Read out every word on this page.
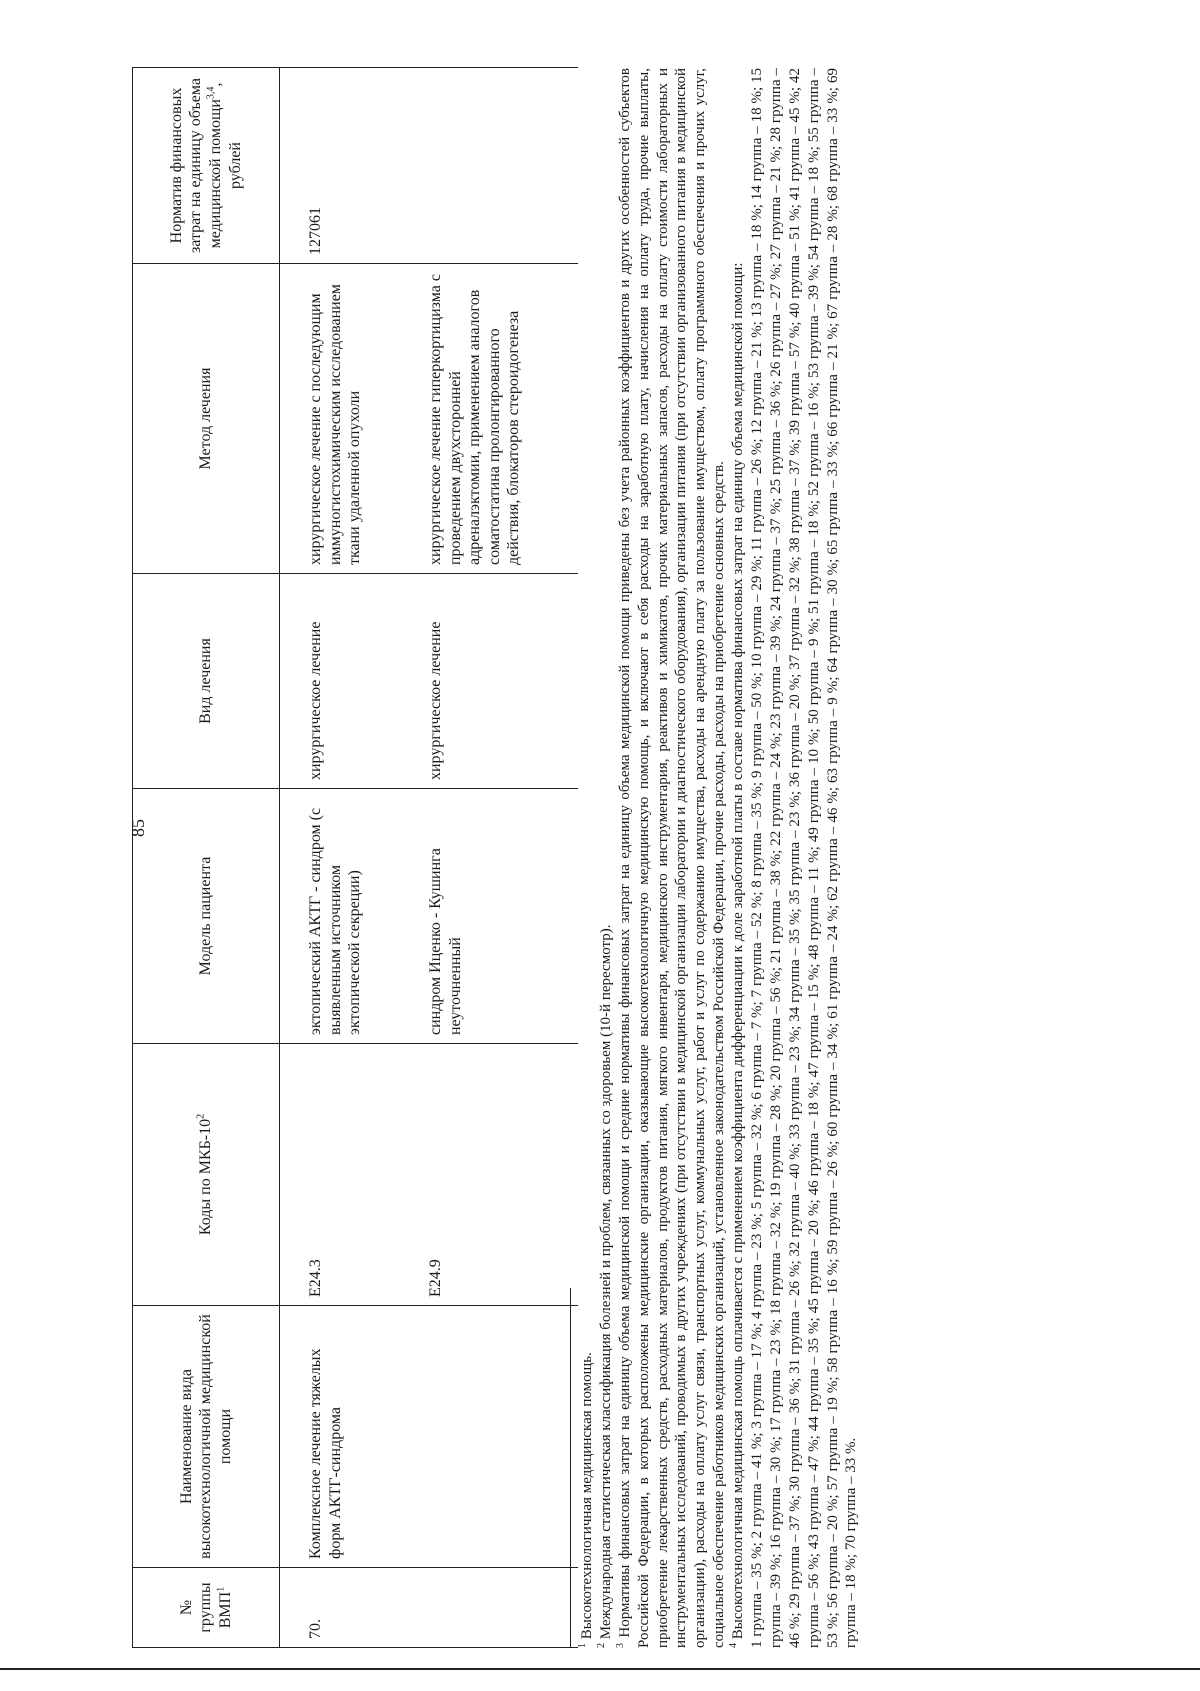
85
№ группы ВМП$^1$	Наименование вида высокотехнологичной медицинской помощи	Коды по МКБ-$10^2$	Модель пациента	Вид лечения	Метод лечения	Норматив финансовых затрат на единицу объема медицинской помощи$^{3,4}$, рублей
70.	Комплексное лечение тяжелых форм АКТГ-синдрома	E24.3	эктопический АКТГ - синдром (с выявленным источником эктопической секреции)	хирургическое лечение	хирургическое лечение с последующим иммуногистохимическим исследованием ткани удаленной опухоли	127061
		E24.9	синдром Иценко - Кушинга неуточненный	хирургическое лечение	хирургическое лечение гиперкортицизма с проведением двухсторонней адреналэктомии, применением аналогов соматостатина пролонгированного действия, блокаторов стероидогенеза	

$^1$ Высокотехнологичная медицинская помощь.

$^2$ Международная статистическая классификация болезней и проблем, связанных со здоровьем (10-й пересмотр).

$^3$ Нормативы финансовых затрат на единицу объема медицинской помощи и средние нормативы финансовых затрат на единицу объема медицинской помощи приведены без учета районных коэффициентов и других особенностей субъектов Российской Федерации, в которых расположены медицинские организации, оказывающие высокотехнологичную медицинскую помощь, и включают в себя расходы на заработную плату, начисления на оплату труда, прочие выплаты, приобретение лекарственных средств, расходных материалов, продуктов питания, мягкого инвентаря, медицинского инструментария, реактивов и химикатов, прочих материальных запасов, расходы на оплату стоимости лабораторных и инструментальных исследований, проводимых в других учреждениях (при отсутствии в медицинской организации лаборатории и диагностического оборудования), организации питания (при отсутствии организованного питания в медицинской организации), расходы на оплату услуг связи, транспортных услуг, коммунальных услуг, работ и услуг по содержанию имущества, расходы на арендную плату за пользование имуществом, оплату программного обеспечения и прочих услуг, социальное обеспечение работников медицинских организаций, установленное законодательством Российской Федерации, прочие расходы, расходы на приобретение основных средств. $^4$ Высокотехнологичная медицинская помощь оплачивается с применением коэффициента дифференциации к доле заработной платы в составе норматива финансовых затрат на единицу объема медицинской помощи: 1 группа – 35 %; 2 группа – 41 %; 3 группа – 17 %; 4 группа – 23 %; 5 группа – 32 %; 6 группа – 7 %; 7 группа – 52 %; 8 группа – 35 %; 9 группа – 50 %; 10 группа – 29 %; 11 группа – 26 %; 12 группа – 21 %; 13 группа – 18 %; 14 группа – 18 %; 15 группа – 39 %; 16 группа – 30 %; 17 группа – 23 %; 18 группа – 32 %; 19 группа – 28 %; 20 группа – 56 %; 21 группа – 38 %; 22 группа – 24 %; 23 группа – 39 %; 24 группа – 37 %; 25 группа – 36 %; 26 группа – 27 %; 27 группа – 21 %; 28 группа – 46 %; 29 группа – 37 %; 30 группа – 36 %; 31 группа – 26 %; 32 группа – 40 %; 33 группа – 23 %; 34 группа – 35 %; 35 группа – 23 %; 36 группа – 20 %; 37 группа – 32 %; 38 группа – 37 %; 39 группа – 57 %; 40 группа – 51 %; 41 группа – 45 %; 42 группа – 56 %; 43 группа – 47 %; 44 группа – 35 %; 45 группа – 20 %; 46 группа – 18 %; 47 группа – 15 %; 48 группа – 11 %; 49 группа – 10 %; 50 группа – 9 %; 51 группа – 18 %; 52 группа – 16 %; 53 группа – 39 %; 54 группа – 18 %; 55 группа – 53 %; 56 группа – 20 %; 57 группа – 19 %; 58 группа – 16 %; 59 группа – 26 %; 60 группа – 34 %; 61 группа – 24 %; 62 группа – 46 %; 63 группа – 9 %; 64 группа – 30 %; 65 группа – 33 %; 66 группа – 21 %; 67 группа – 28 %; 68 группа – 33 %; 69 группа – 18 %; 70 группа – 33 %.
